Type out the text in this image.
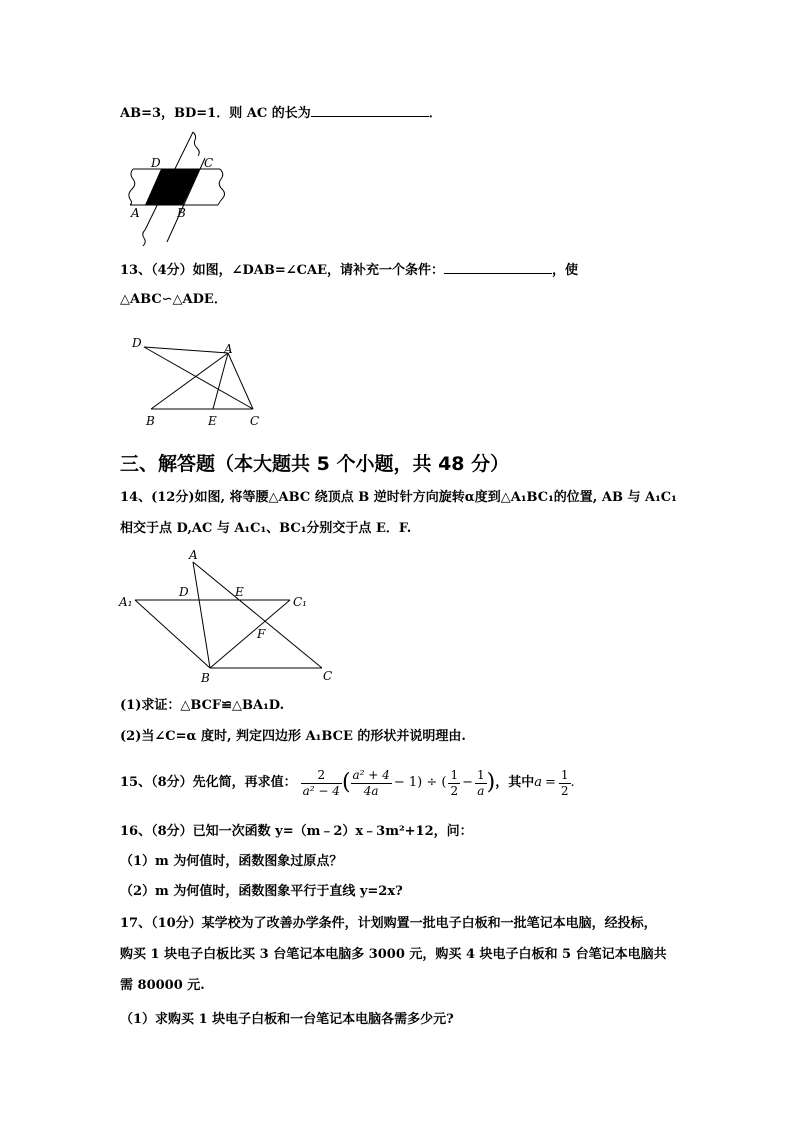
AB=3，BD=1．则 AC 的长为	．
D	C
A	B
13、（4分）如图，∠DAB=∠CAE，请补充一个条件：	，使
△ABC∽△ADE．
D	A
B	E	C
三、解答题（本大题共 5 个小题，共 48 分）
14、(12分)如图, 将等腰△ABC 绕顶点 B 逆时针方向旋转α度到△A₁BC₁的位置, AB 与 A₁C₁
相交于点 D,AC 与 A₁C₁、BC₁分别交于点 E．F.
A
D	E
A₁	C₁
F
B	C
(1)求证：△BCF≌△BA₁D.
(2)当∠C=α 度时, 判定四边形 A₁BCE 的形状并说明理由.
15、（8分）先化简，再求值： $\frac{2}{\text{a² − 4}}$ ( $\frac{\text{a² + 4}}{4a} - 1$) ÷ ( $\frac{1}{2} - \frac{1}{a}$ ) ，其中 $a = \frac{1}{2}$ .
16、（8分）已知一次函数 y=（m﹣2）x﹣3m²+12，问：
（1）m 为何值时，函数图象过原点？
（2）m 为何值时，函数图象平行于直线 y=2x?
17、（10分）某学校为了改善办学条件，计划购置一批电子白板和一批笔记本电脑，经投标，
购买 1 块电子白板比买 3 台笔记本电脑多 3000 元，购买 4 块电子白板和 5 台笔记本电脑共
需 80000 元.
（1）求购买 1 块电子白板和一台笔记本电脑各需多少元?
